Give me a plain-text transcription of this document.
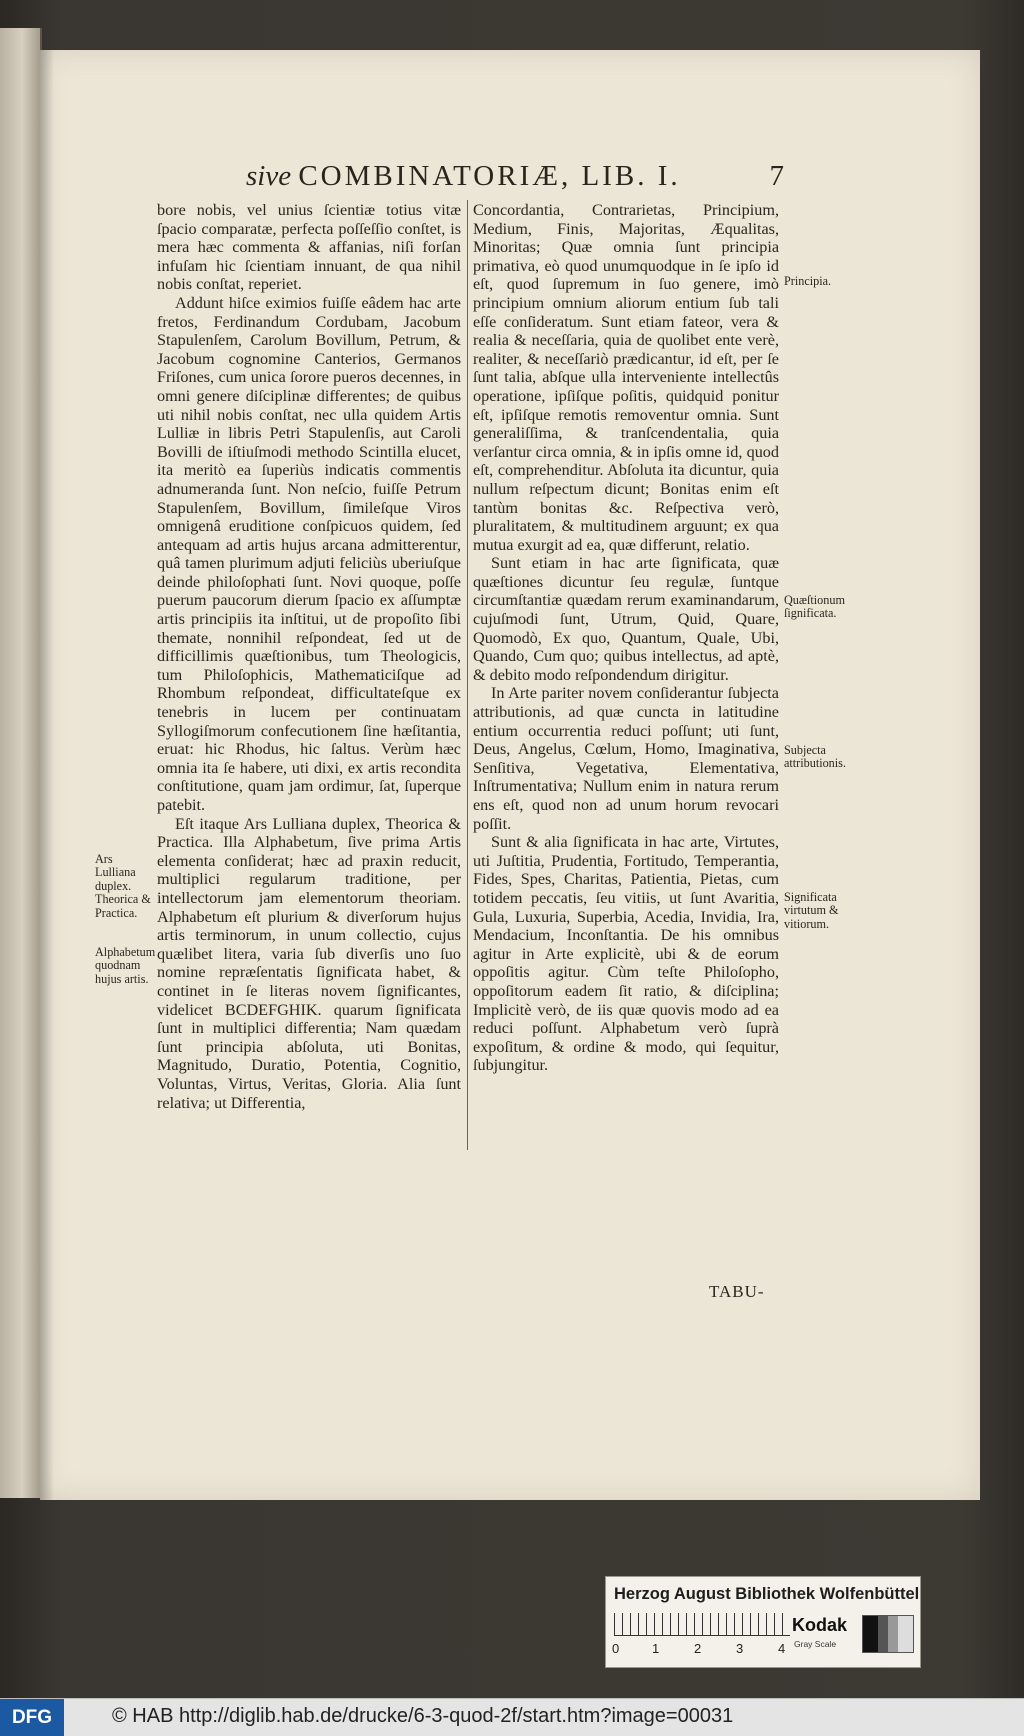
sive COMBINATORIÆ, LIB. I.	7

bore nobis, vel unius ſcientiæ totius vitæ ſpacio comparatæ, perfecta poſſeſſio conſtet, is mera hæc commenta & affanias, niſi forſan infuſam hic ſcientiam innuant, de qua nihil nobis conſtat, reperiet.

Addunt hiſce eximios fuiſſe eâdem hac arte fretos, Ferdinandum Cordubam, Jacobum Stapulenſem, Carolum Bovillum, Petrum, & Jacobum cognomine Canterios, Germanos Friſones, cum unica ſorore pueros decennes, in omni genere diſciplinæ differentes; de quibus uti nihil nobis conſtat, nec ulla quidem Artis Lulliæ in libris Petri Stapulenſis, aut Caroli Bovilli de iſtiuſmodi methodo Scintilla elucet, ita meritò ea ſuperiùs indicatis commentis adnumeranda ſunt. Non neſcio, fuiſſe Petrum Stapulenſem, Bovillum, ſimileſque Viros omnigenâ eruditione conſpicuos quidem, ſed antequam ad artis hujus arcana admitterentur, quâ tamen plurimum adjuti feliciùs uberiuſque deinde philoſophati ſunt. Novi quoque, poſſe puerum paucorum dierum ſpacio ex aſſumptæ artis principiis ita inſtitui, ut de propoſito ſibi themate, nonnihil reſpondeat, ſed ut de difficillimis quæſtionibus, tum Theologicis, tum Philoſophicis, Mathematiciſque ad Rhombum reſpondeat, difficultateſque ex tenebris in lucem per continuatam Syllogiſmorum confecutionem ſine hæſitantia, eruat: hic Rhodus, hic ſaltus. Verùm hæc omnia ita ſe habere, uti dixi, ex artis recondita conſtitutione, quam jam ordimur, ſat, ſuperque patebit.

Eſt itaque Ars Lulliana duplex, Theorica & Practica. Illa Alphabetum, ſive prima Artis elementa conſiderat; hæc ad praxin reducit, multiplici regularum traditione, per intellectorum jam elementorum theoriam. Alphabetum eſt plurium & diverſorum hujus artis terminorum, in unum collectio, cujus quælibet litera, varia ſub diverſis uno ſuo nomine repræſentatis ſignificata habet, & continet in ſe literas novem ſignificantes, videlicet BCDEFGHIK. quarum ſignificata ſunt in multiplici differentia; Nam quædam ſunt principia abſoluta, uti Bonitas, Magnitudo, Duratio, Potentia, Cognitio, Voluntas, Virtus, Veritas, Gloria. Alia ſunt relativa; ut Differentia,

Concordantia, Contrarietas, Principium, Medium, Finis, Majoritas, Æqualitas, Minoritas; Quæ omnia ſunt principia primativa, eò quod unumquodque in ſe ipſo id eſt, quod ſupremum in ſuo genere, imò principium omnium aliorum entium ſub tali eſſe conſideratum. Sunt etiam fateor, vera & realia & neceſſaria, quia de quolibet ente verè, realiter, & neceſſariò prædicantur, id eſt, per ſe ſunt talia, abſque ulla interveniente intellectûs operatione, ipſiſque poſitis, quidquid ponitur eſt, ipſiſque remotis removentur omnia. Sunt generaliſſima, & tranſcendentalia, quia verſantur circa omnia, & in ipſis omne id, quod eſt, comprehenditur. Abſoluta ita dicuntur, quia nullum reſpectum dicunt; Bonitas enim eſt tantùm bonitas &c. Reſpectiva verò, pluralitatem, & multitudinem arguunt; ex qua mutua exurgit ad ea, quæ differunt, relatio.

Sunt etiam in hac arte ſignificata, quæ quæſtiones dicuntur ſeu regulæ, ſuntque circumſtantiæ quædam rerum examinandarum, cujuſmodi ſunt, Utrum, Quid, Quare, Quomodò, Ex quo, Quantum, Quale, Ubi, Quando, Cum quo; quibus intellectus, ad aptè, & debito modo reſpondendum dirigitur.

In Arte pariter novem conſiderantur ſubjecta attributionis, ad quæ cuncta in latitudine entium occurrentia reduci poſſunt; uti ſunt, Deus, Angelus, Cœlum, Homo, Imaginativa, Senſitiva, Vegetativa, Elementativa, Inſtrumentativa; Nullum enim in natura rerum ens eſt, quod non ad unum horum revocari poſſit.

Sunt & alia ſignificata in hac arte, Virtutes, uti Juſtitia, Prudentia, Fortitudo, Temperantia, Fides, Spes, Charitas, Patientia, Pietas, cum totidem peccatis, ſeu vitiis, ut ſunt Avaritia, Gula, Luxuria, Superbia, Acedia, Invidia, Ira, Mendacium, Inconſtantia. De his omnibus agitur in Arte explicitè, ubi & de eorum oppoſitis agitur. Cùm teſte Philoſopho, oppoſitorum eadem ſit ratio, & diſciplina; Implicitè verò, de iis quæ quovis modo ad ea reduci poſſunt. Alphabetum verò ſuprà expoſitum, & ordine & modo, qui ſequitur, ſubjungitur.

Principia.
Quæſtionum ſignificata.
Subjecta attributionis.
Significata virtutum & vitiorum.
Ars Lulliana duplex. Theorica & Practica.
Alphabetum quodnam hujus artis.
TABU-
Herzog August Bibliothek Wolfenbüttel
0	1	2	3	4
Kodak
Gray Scale
DFG	© HAB http://diglib.hab.de/drucke/6-3-quod-2f/start.htm?image=00031
